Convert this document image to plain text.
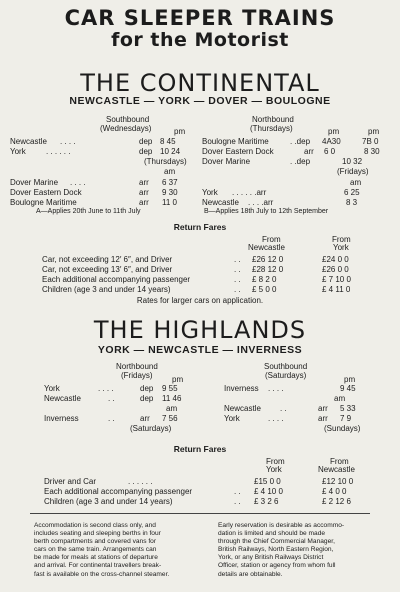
CAR SLEEPER TRAINS
for the Motorist
THE CONTINENTAL
NEWCASTLE — YORK — DOVER — BOULOGNE
Southbound
(Wednesdays)	pm
Newcastle . . . .	dep 8 45
York	. . . . . .	dep 10 24
(Thursdays)
am
Dover Marine . . . .	arr 6 37
Dover Eastern Dock	arr 9 30
Boulogne Maritime	arr 11 0
A—Applies 20th June to 11th July
Northbound
(Thursdays)	pm	pm
Boulogne Maritime	. .dep 4A30	7B 0
Dover Eastern Dock	arr 6 0	8 30
Dover Marine	. .dep	10 32
(Fridays)
am
York . . . . . .arr	6 25
Newcastle . . . .arr	8 3
B—Applies 18th July to 12th September
Return Fares
From
Newcastle
From
York
Car, not exceeding 12′ 6″, and Driver	. . £26 12 0	£24 0 0
Car, not exceeding 13′ 6″, and Driver	. . £28 12 0	£26 0 0
Each additional accompanying passenger	. . £ 8 2 0	£ 7 10 0
Children (age 3 and under 14 years)	. . £ 5 0 0	£ 4 11 0
Rates for larger cars on application.
THE HIGHLANDS
YORK — NEWCASTLE — INVERNESS
Northbound
(Fridays) pm
York	. . . .	dep 9 55
Newcastle	. .	dep 11 46
am
Inverness	. .	arr 7 56
(Saturdays)
Southbound
(Saturdays)	pm
Inverness . . . .	9 45
am
Newcastle . .	arr 5 33
York	. . . .	arr 7 9
(Sundays)
Return Fares
From
York
From
Newcastle
Driver and Car	. . . . . .	£15 0 0	£12 10 0
Each additional accompanying passenger	. . £ 4 10 0	£ 4 0 0
Children (age 3 and under 14 years)	. . £ 3 2 6	£ 2 12 6
Accommodation is second class only, and
includes seating and sleeping berths in four
berth compartments and covered vans for
cars on the same train. Arrangements can
be made for meals at stations of departure
and arrival. For continental travellers break-
fast is available on the cross-channel steamer.
Early reservation is desirable as accommo-
dation is limited and should be made
through the Chief Commercial Manager,
British Railways, North Eastern Region,
York, or any British Railways District
Officer, station or agency from whom full
details are obtainable.
